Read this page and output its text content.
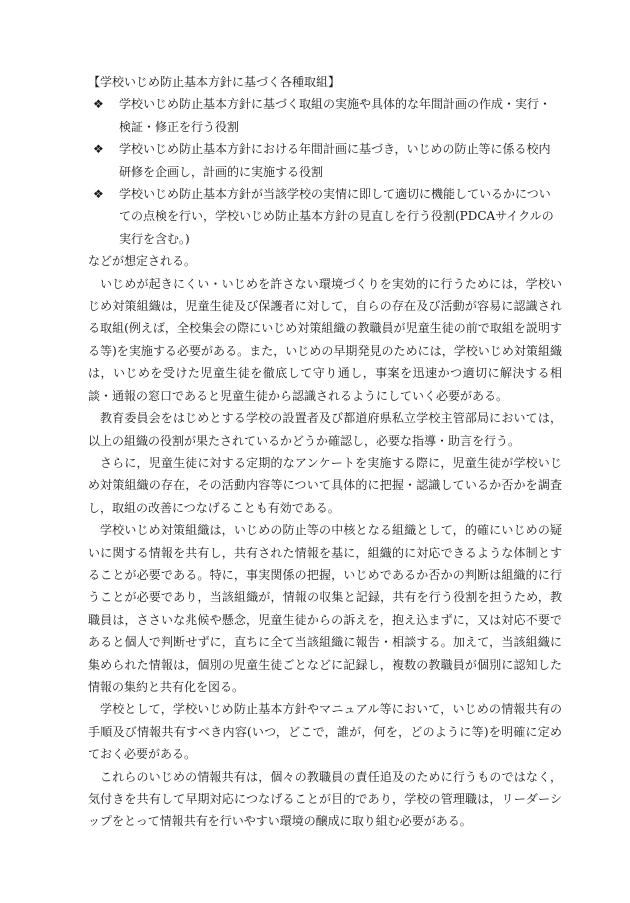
【学校いじめ防止基本方針に基づく各種取組】

❖ 学校いじめ防止基本方針に基づく取組の実施や具体的な年間計画の作成・実行・検証・修正を行う役割
❖ 学校いじめ防止基本方針における年間計画に基づき，いじめの防止等に係る校内研修を企画し，計画的に実施する役割
❖ 学校いじめ防止基本方針が当該学校の実情に即して適切に機能しているかについての点検を行い，学校いじめ防止基本方針の見直しを行う役割(PDCAサイクルの実行を含む。)

などが想定される。

いじめが起きにくい・いじめを許さない環境づくりを実効的に行うためには，学校いじめ対策組織は，児童生徒及び保護者に対して，自らの存在及び活動が容易に認識される取組(例えば，全校集会の際にいじめ対策組織の教職員が児童生徒の前で取組を説明する等)を実施する必要がある。また，いじめの早期発見のためには，学校いじめ対策組織は，いじめを受けた児童生徒を徹底して守り通し，事案を迅速かつ適切に解決する相談・通報の窓口であると児童生徒から認識されるようにしていく必要がある。

教育委員会をはじめとする学校の設置者及び都道府県私立学校主管部局においては，以上の組織の役割が果たされているかどうか確認し，必要な指導・助言を行う。

さらに，児童生徒に対する定期的なアンケートを実施する際に，児童生徒が学校いじめ対策組織の存在，その活動内容等について具体的に把握・認識しているか否かを調査し，取組の改善につなげることも有効である。

学校いじめ対策組織は，いじめの防止等の中核となる組織として，的確にいじめの疑いに関する情報を共有し，共有された情報を基に，組織的に対応できるような体制とすることが必要である。特に，事実関係の把握，いじめであるか否かの判断は組織的に行うことが必要であり，当該組織が，情報の収集と記録，共有を行う役割を担うため，教職員は，ささいな兆候や懸念，児童生徒からの訴えを，抱え込まずに，又は対応不要であると個人で判断せずに，直ちに全て当該組織に報告・相談する。加えて，当該組織に集められた情報は，個別の児童生徒ごとなどに記録し，複数の教職員が個別に認知した情報の集約と共有化を図る。

学校として，学校いじめ防止基本方針やマニュアル等において，いじめの情報共有の手順及び情報共有すべき内容(いつ，どこで，誰が，何を，どのように等)を明確に定めておく必要がある。

これらのいじめの情報共有は，個々の教職員の責任追及のために行うものではなく，気付きを共有して早期対応につなげることが目的であり，学校の管理職は，リーダーシップをとって情報共有を行いやすい環境の醸成に取り組む必要がある。
